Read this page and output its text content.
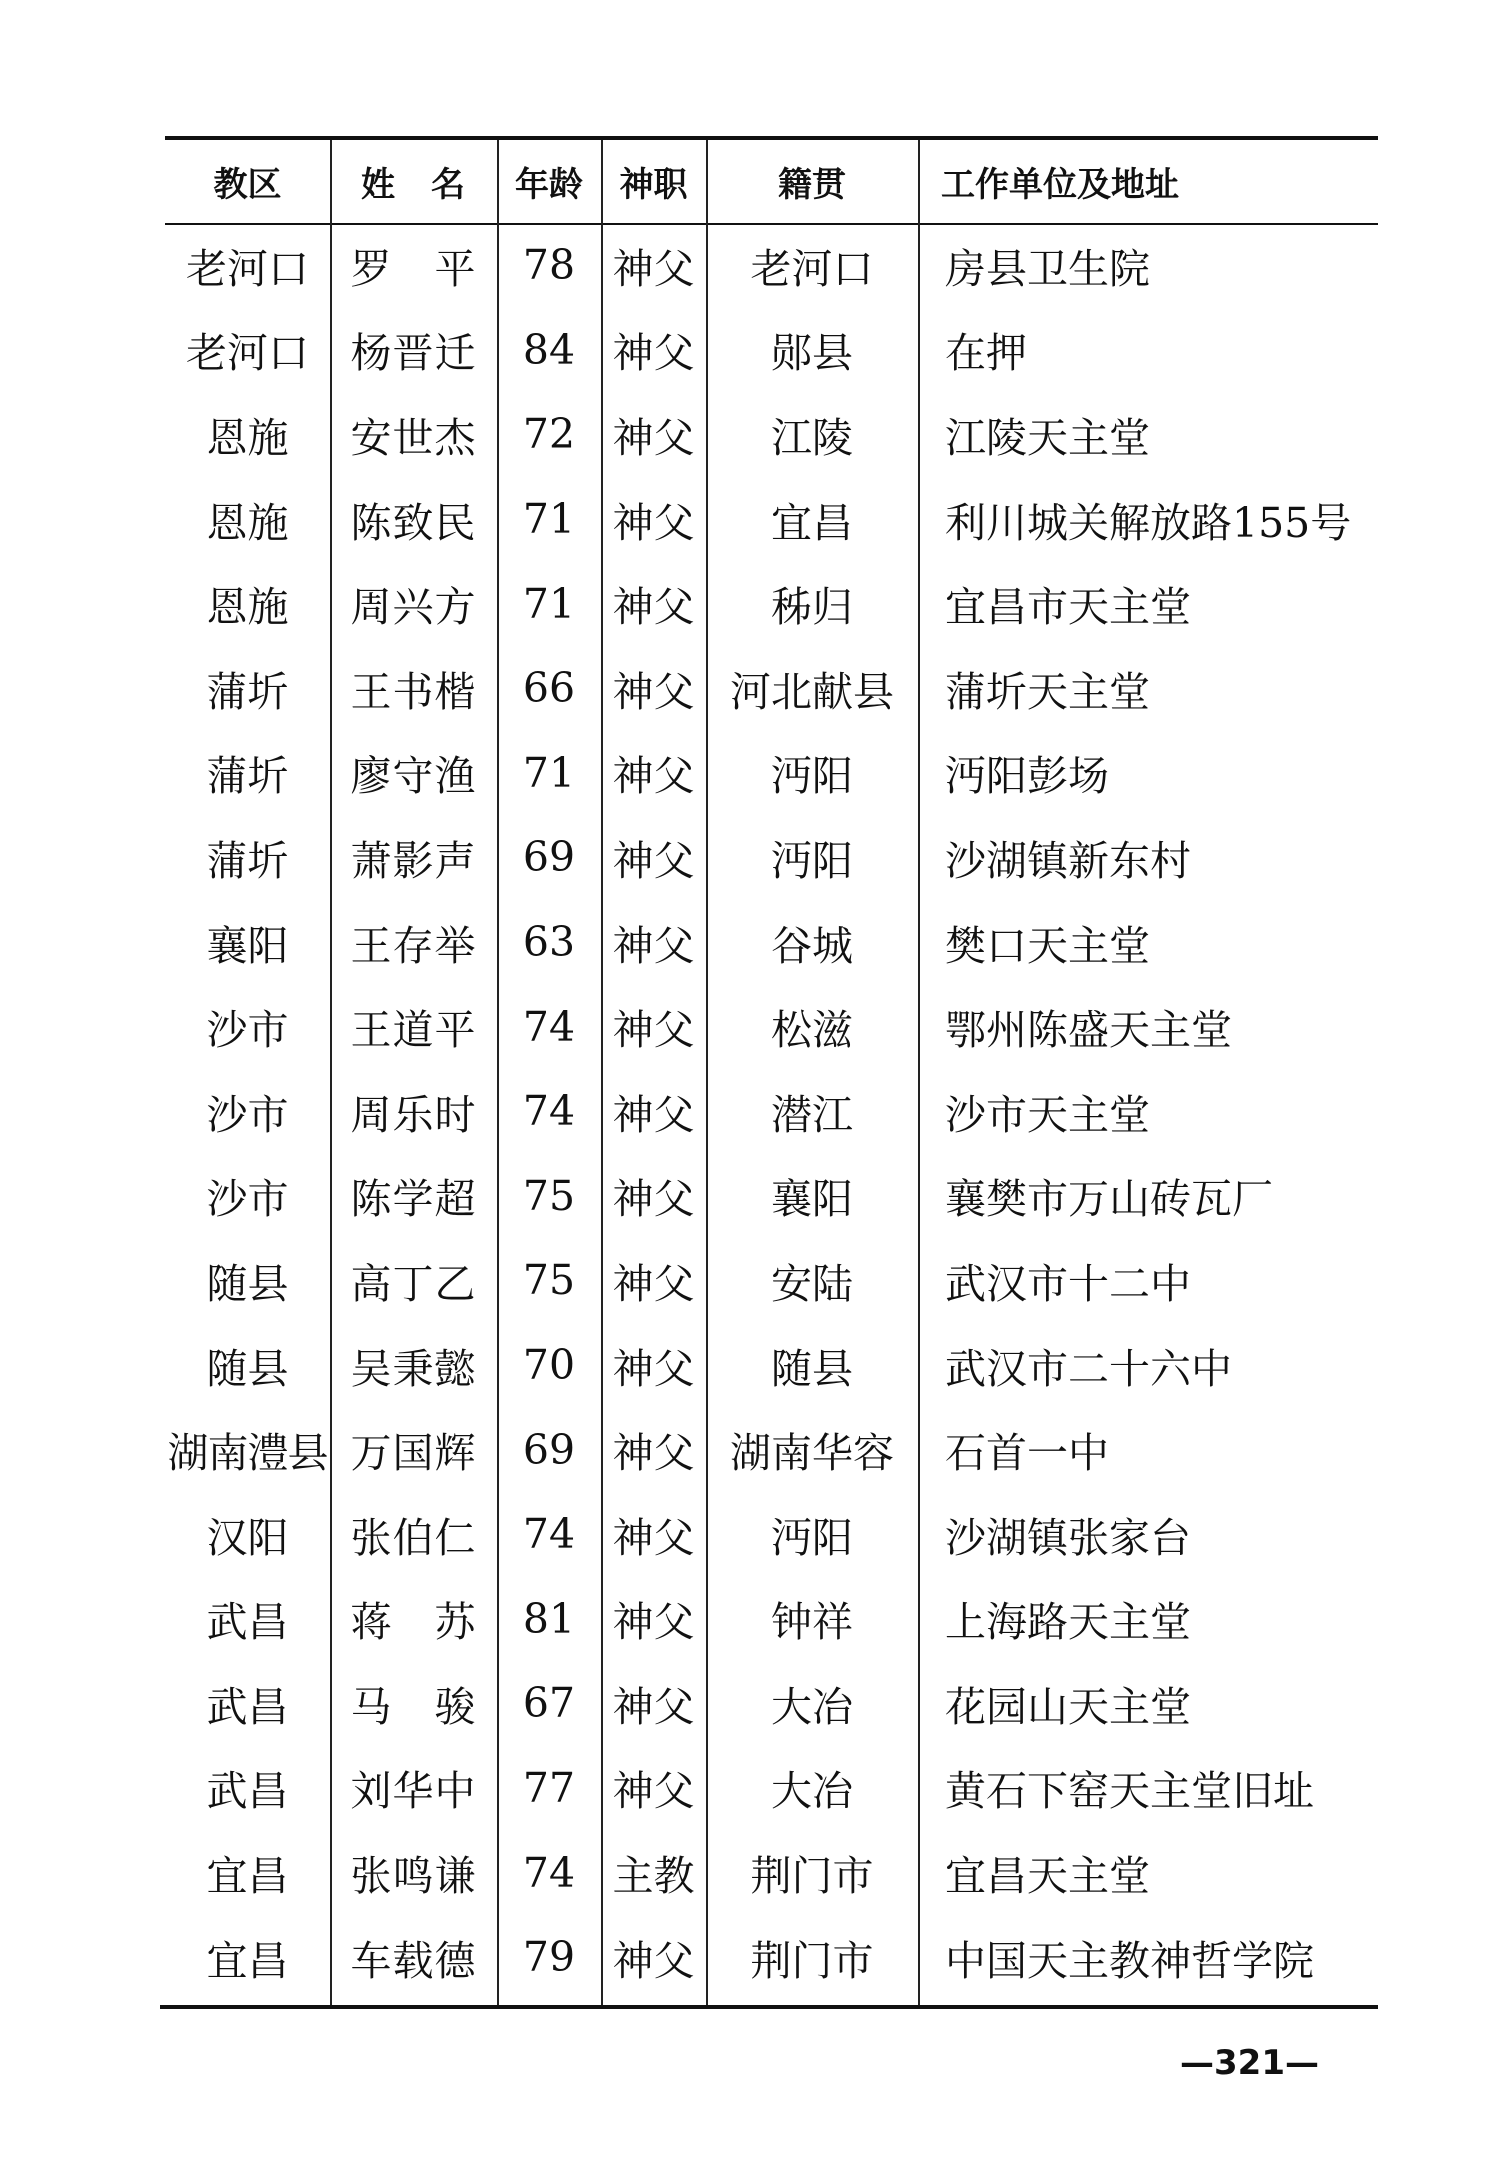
教区	姓　名	年龄	神职	籍贯	工作单位及地址
老河口	罗　平	78	神父	老河口	房县卫生院
老河口	杨晋迁	84	神父	郧县	在押
恩施	安世杰	72	神父	江陵	江陵天主堂
恩施	陈致民	71	神父	宜昌	利川城关解放路155号
恩施	周兴方	71	神父	秭归	宜昌市天主堂
蒲圻	王书楷	66	神父	河北献县	蒲圻天主堂
蒲圻	廖守渔	71	神父	沔阳	沔阳彭场
蒲圻	萧影声	69	神父	沔阳	沙湖镇新东村
襄阳	王存举	63	神父	谷城	樊口天主堂
沙市	王道平	74	神父	松滋	鄂州陈盛天主堂
沙市	周乐时	74	神父	潜江	沙市天主堂
沙市	陈学超	75	神父	襄阳	襄樊市万山砖瓦厂
随县	高丁乙	75	神父	安陆	武汉市十二中
随县	吴秉懿	70	神父	随县	武汉市二十六中
湖南澧县	万国辉	69	神父	湖南华容	石首一中
汉阳	张伯仁	74	神父	沔阳	沙湖镇张家台
武昌	蒋　苏	81	神父	钟祥	上海路天主堂
武昌	马　骏	67	神父	大冶	花园山天主堂
武昌	刘华中	77	神父	大冶	黄石下窑天主堂旧址
宜昌	张鸣谦	74	主教	荆门市	宜昌天主堂
宜昌	车载德	79	神父	荆门市	中国天主教神哲学院
—321—
